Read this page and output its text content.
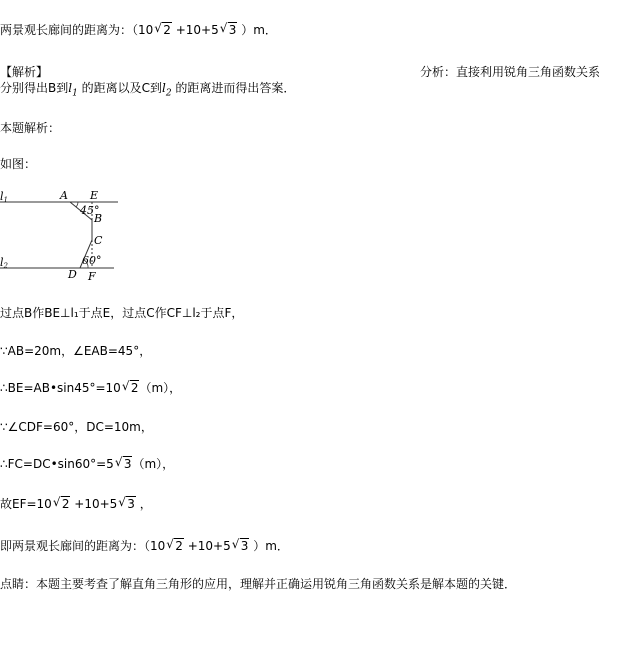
两景观长廊间的距离为：（10 √ 2 +10+5 √ 3 ）m．
【解析】	分析：直接利用锐角三角函数关系
分别得出B到$l_1$ 的距离以及C到$l_2$ 的距离进而得出答案．
本题解析：
如图：
l1
l2
A E
45°
B
C
60°
D F
过点B作BE⊥l₁于点E，过点C作CF⊥l₂于点F，
∵AB=20m，∠EAB=45°，
∴BE=AB•sin45°=10 √ 2（m），
∵∠CDF=60°，DC=10m，
∴FC=DC•sin60°=5 √ 3（m），
故EF=10 √ 2 +10+5 √ 3 ，
即两景观长廊间的距离为：（10 √ 2 +10+5 √ 3 ）m．
点睛：本题主要考查了解直角三角形的应用，理解并正确运用锐角三角函数关系是解本题的关键．
